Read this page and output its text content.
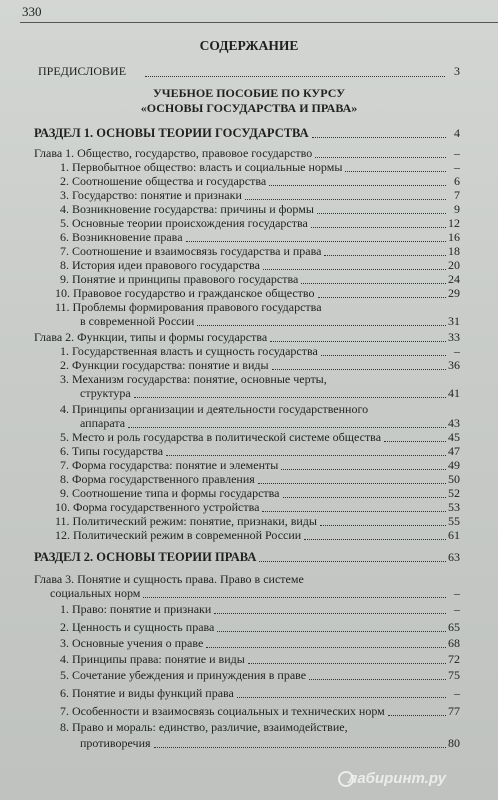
330
СОДЕРЖАНИЕ
ПРЕДИСЛОВИЕ	3
УЧЕБНОЕ ПОСОБИЕ ПО КУРСУ
«ОСНОВЫ ГОСУДАРСТВА И ПРАВА»
лабиринт.ру
РАЗДЕЛ 1. ОСНОВЫ ТЕОРИИ ГОСУДАРСТВА	4
Глава 1. Общество, государство, правовое государство	–
1. Первобытное общество: власть и социальные нормы	–
2. Соотношение общества и государства	6
3. Государство: понятие и признаки	7
4. Возникновение государства: причины и формы	9
5. Основные теории происхождения государства	12
6. Возникновение права	16
7. Соотношение и взаимосвязь государства и права	18
8. История идеи правового государства	20
9. Понятие и принципы правового государства	24
10. Правовое государство и гражданское общество	29
11. Проблемы формирования правового государства
в современной России	31
Глава 2. Функции, типы и формы государства	33
1. Государственная власть и сущность государства	–
2. Функции государства: понятие и виды	36
3. Механизм государства: понятие, основные черты,
структура	41
4. Принципы организации и деятельности государственного
аппарата	43
5. Место и роль государства в политической системе общества	45
6. Типы государства	47
7. Форма государства: понятие и элементы	49
8. Форма государственного правления	50
9. Соотношение типа и формы государства	52
10. Форма государственного устройства	53
11. Политический режим: понятие, признаки, виды	55
12. Политический режим в современной России	61
РАЗДЕЛ 2. ОСНОВЫ ТЕОРИИ ПРАВА	63
Глава 3. Понятие и сущность права. Право в системе
социальных норм	–
1. Право: понятие и признаки	–
2. Ценность и сущность права	65
3. Основные учения о праве	68
4. Принципы права: понятие и виды	72
5. Сочетание убеждения и принуждения в праве	75
6. Понятие и виды функций права	–
7. Особенности и взаимосвязь социальных и технических норм	77
8. Право и мораль: единство, различие, взаимодействие,
противоречия	80
